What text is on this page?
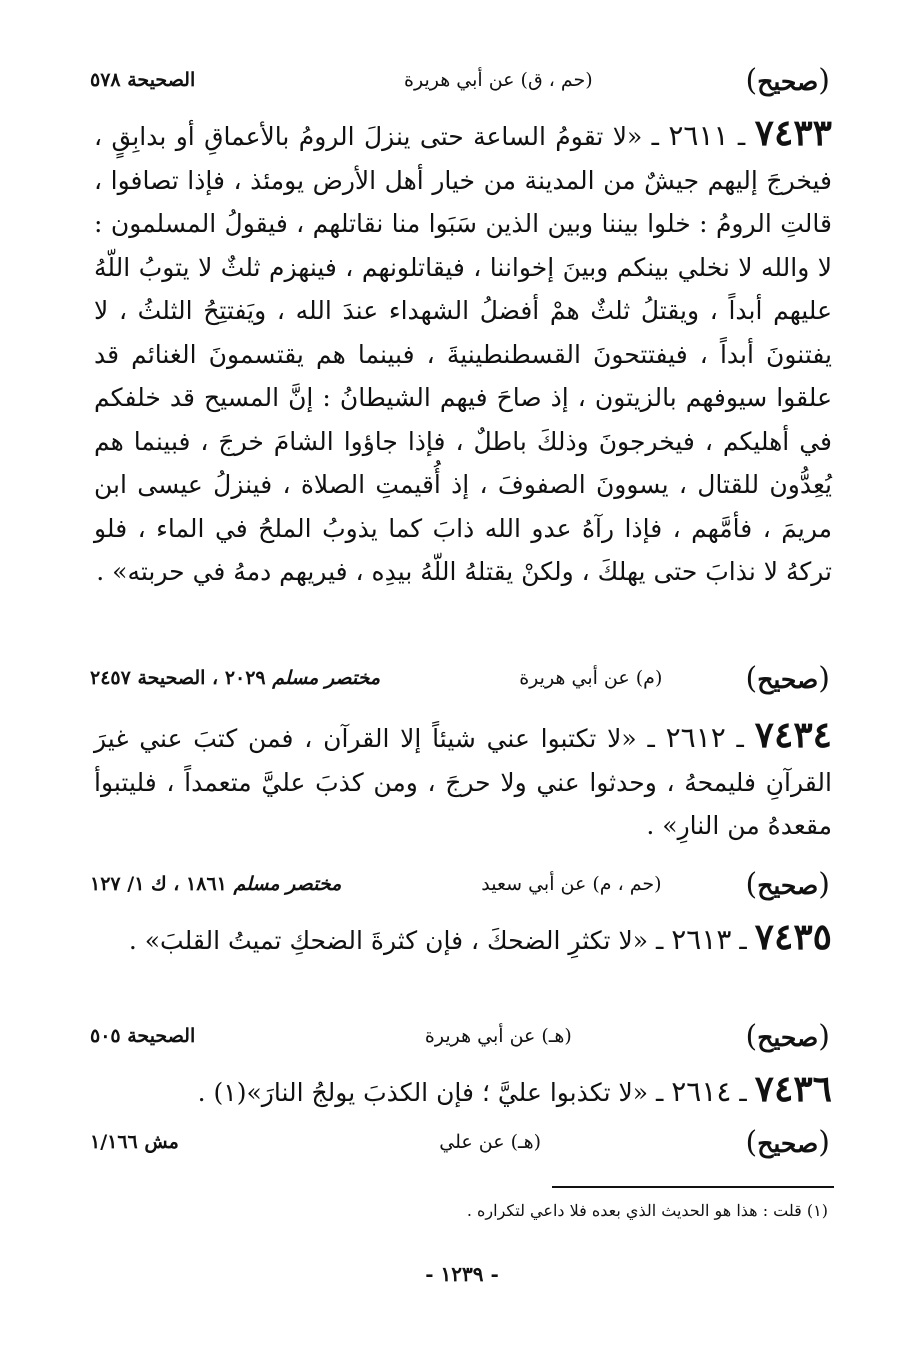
(صحيح)
(حم ، ق) عن أبي هريرة
الصحيحة ٥٧٨
٧٤٣٣ ـ ٢٦١١ ـ «لا تقومُ الساعة حتى ينزلَ الرومُ بالأعماقِ أو بدابِقٍ ، فيخرجَ إليهم جيشٌ من المدينة من خيار أهل الأرض يومئذ ، فإذا تصافوا ، قالتِ الرومُ : خلوا بيننا وبين الذين سَبَوا منا نقاتلهم ، فيقولُ المسلمون : لا والله لا نخلي بينكم وبينَ إخواننا ، فيقاتلونهم ، فينهزم ثلثٌ لا يتوبُ اللّهُ عليهم أبداً ، ويقتلُ ثلثٌ همْ أفضلُ الشهداء عندَ الله ، ويَفتتِحُ الثلثُ ، لا يفتنونَ أبداً ، فيفتتحونَ القسطنطينيةَ ، فبينما هم يقتسمونَ الغنائم قد علقوا سيوفهم بالزيتون ، إذ صاحَ فيهم الشيطانُ : إنَّ المسيح قد خلفكم في أهليكم ، فيخرجونَ وذلكَ باطلٌ ، فإذا جاؤوا الشامَ خرجَ ، فبينما هم يُعِدُّون للقتال ، يسوونَ الصفوفَ ، إذ أُقيمتِ الصلاة ، فينزلُ عيسى ابن مريمَ ، فأمَّهم ، فإذا رآهُ عدو الله ذابَ كما يذوبُ الملحُ في الماء ، فلو تركهُ لا نذابَ حتى يهلكَ ، ولكنْ يقتلهُ اللّهُ بيدِه ، فيريهم دمهُ في حربته» .
(صحيح)
(م) عن أبي هريرة
مختصر مسلم ٢٠٢٩ ، الصحيحة ٢٤٥٧
٧٤٣٤ ـ ٢٦١٢ ـ «لا تكتبوا عني شيئاً إلا القرآن ، فمن كتبَ عني غيرَ القرآنِ فليمحهُ ، وحدثوا عني ولا حرجَ ، ومن كذبَ عليَّ متعمداً ، فليتبوأ مقعدهُ من النارِ» .
(صحيح)
(حم ، م) عن أبي سعيد
مختصر مسلم ١٨٦١ ، ك ١/ ١٢٧
٧٤٣٥ ـ ٢٦١٣ ـ «لا تكثرِ الضحكَ ، فإن كثرةَ الضحكِ تميتُ القلبَ» .
(صحيح)
(هـ) عن أبي هريرة
الصحيحة ٥٠٥
٧٤٣٦ ـ ٢٦١٤ ـ «لا تكذبوا عليَّ ؛ فإن الكذبَ يولجُ النارَ»(١) .
(صحيح)
(هـ) عن علي
مش ١/١٦٦
(١) قلت : هذا هو الحديث الذي بعده فلا داعي لتكراره .
- ١٢٣٩ -
